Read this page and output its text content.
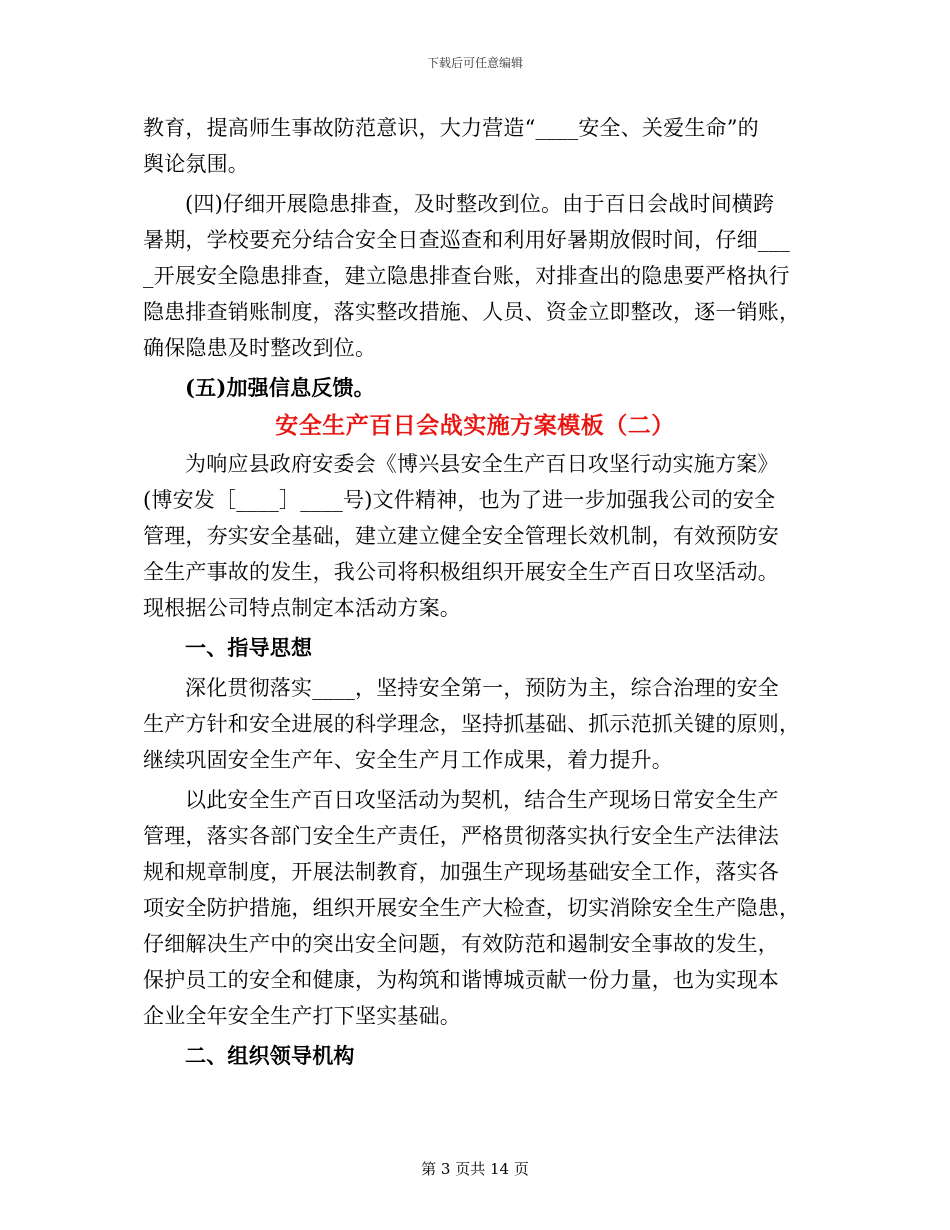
下载后可任意编辑
教育，提高师生事故防范意识，大力营造“____安全、关爱生命”的
舆论氛围。
(四)仔细开展隐患排查，及时整改到位。由于百日会战时间横跨
暑期，学校要充分结合安全日查巡查和利用好暑期放假时间，仔细___
_开展安全隐患排查，建立隐患排查台账，对排查出的隐患要严格执行
隐患排查销账制度，落实整改措施、人员、资金立即整改，逐一销账，
确保隐患及时整改到位。
(五)加强信息反馈。
安全生产百日会战实施方案模板（二）
为响应县政府安委会《博兴县安全生产百日攻坚行动实施方案》
(博安发［____］____号)文件精神，也为了进一步加强我公司的安全
管理，夯实安全基础，建立建立健全安全管理长效机制，有效预防安
全生产事故的发生，我公司将积极组织开展安全生产百日攻坚活动。
现根据公司特点制定本活动方案。
一、指导思想
深化贯彻落实____，坚持安全第一，预防为主，综合治理的安全
生产方针和安全进展的科学理念，坚持抓基础、抓示范抓关键的原则，
继续巩固安全生产年、安全生产月工作成果，着力提升。
以此安全生产百日攻坚活动为契机，结合生产现场日常安全生产
管理，落实各部门安全生产责任，严格贯彻落实执行安全生产法律法
规和规章制度，开展法制教育，加强生产现场基础安全工作，落实各
项安全防护措施，组织开展安全生产大检查，切实消除安全生产隐患，
仔细解决生产中的突出安全问题，有效防范和遏制安全事故的发生，
保护员工的安全和健康，为构筑和谐博城贡献一份力量，也为实现本
企业全年安全生产打下坚实基础。
二、组织领导机构
第 3 页共 14 页
